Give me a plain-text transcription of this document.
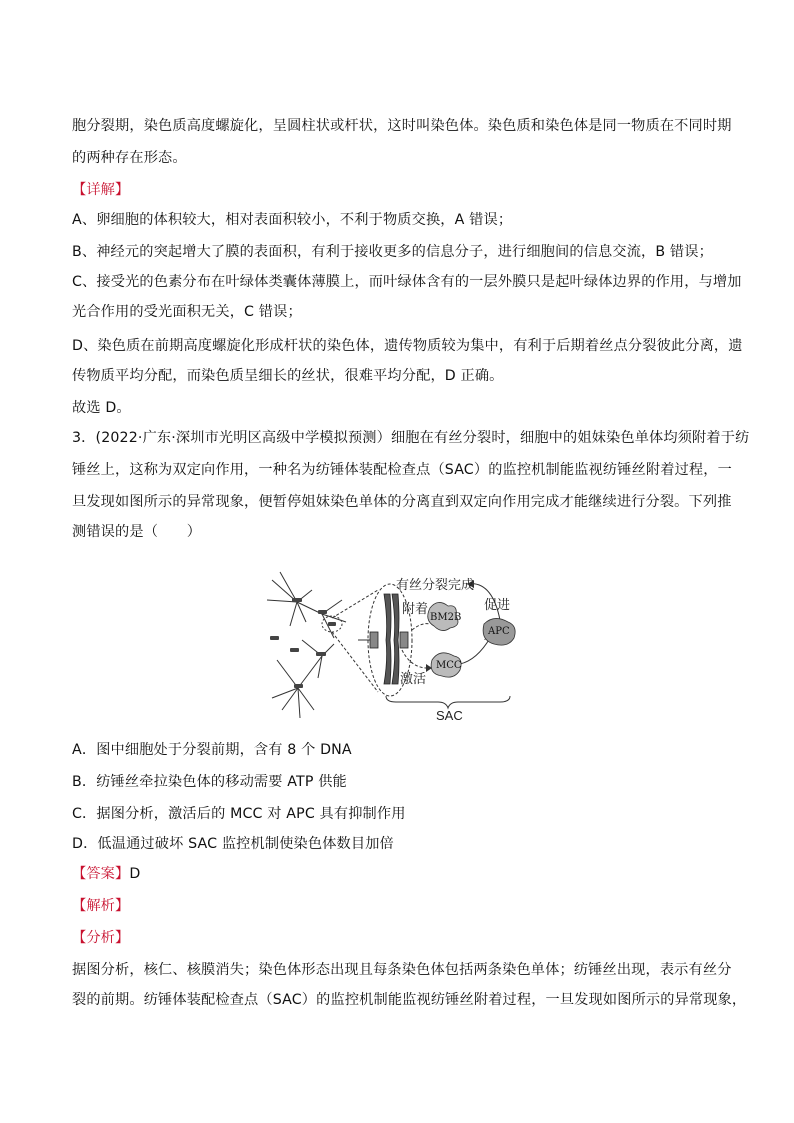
胞分裂期，染色质高度螺旋化，呈圆柱状或杆状，这时叫染色体。染色质和染色体是同一物质在不同时期
的两种存在形态。
【详解】
A、卵细胞的体积较大，相对表面积较小，不利于物质交换，A 错误；
B、神经元的突起增大了膜的表面积，有利于接收更多的信息分子，进行细胞间的信息交流，B 错误；
C、接受光的色素分布在叶绿体类囊体薄膜上，而叶绿体含有的一层外膜只是起叶绿体边界的作用，与增加
光合作用的受光面积无关，C 错误；
D、染色质在前期高度螺旋化形成杆状的染色体，遗传物质较为集中，有利于后期着丝点分裂彼此分离，遗
传物质平均分配，而染色质呈细长的丝状，很难平均分配，D 正确。
故选 D。
3．(2022·广东·深圳市光明区高级中学模拟预测）细胞在有丝分裂时，细胞中的姐妹染色单体均须附着于纺
锤丝上，这称为双定向作用，一种名为纺锤体装配检查点（SAC）的监控机制能监视纺锤丝附着过程，一
旦发现如图所示的异常现象，便暂停姐妹染色单体的分离直到双定向作用完成才能继续进行分裂。下列推
测错误的是（　　）
有丝分裂完成
附着	促进
BM2B
APC
MCC
激活
SAC
A．图中细胞处于分裂前期，含有 8 个 DNA
B．纺锤丝牵拉染色体的移动需要 ATP 供能
C．据图分析，激活后的 MCC 对 APC 具有抑制作用
D．低温通过破坏 SAC 监控机制使染色体数目加倍
【答案】D
【解析】
【分析】
据图分析，核仁、核膜消失；染色体形态出现且每条染色体包括两条染色单体；纺锤丝出现，表示有丝分
裂的前期。纺锤体装配检查点（SAC）的监控机制能监视纺锤丝附着过程，一旦发现如图所示的异常现象，
